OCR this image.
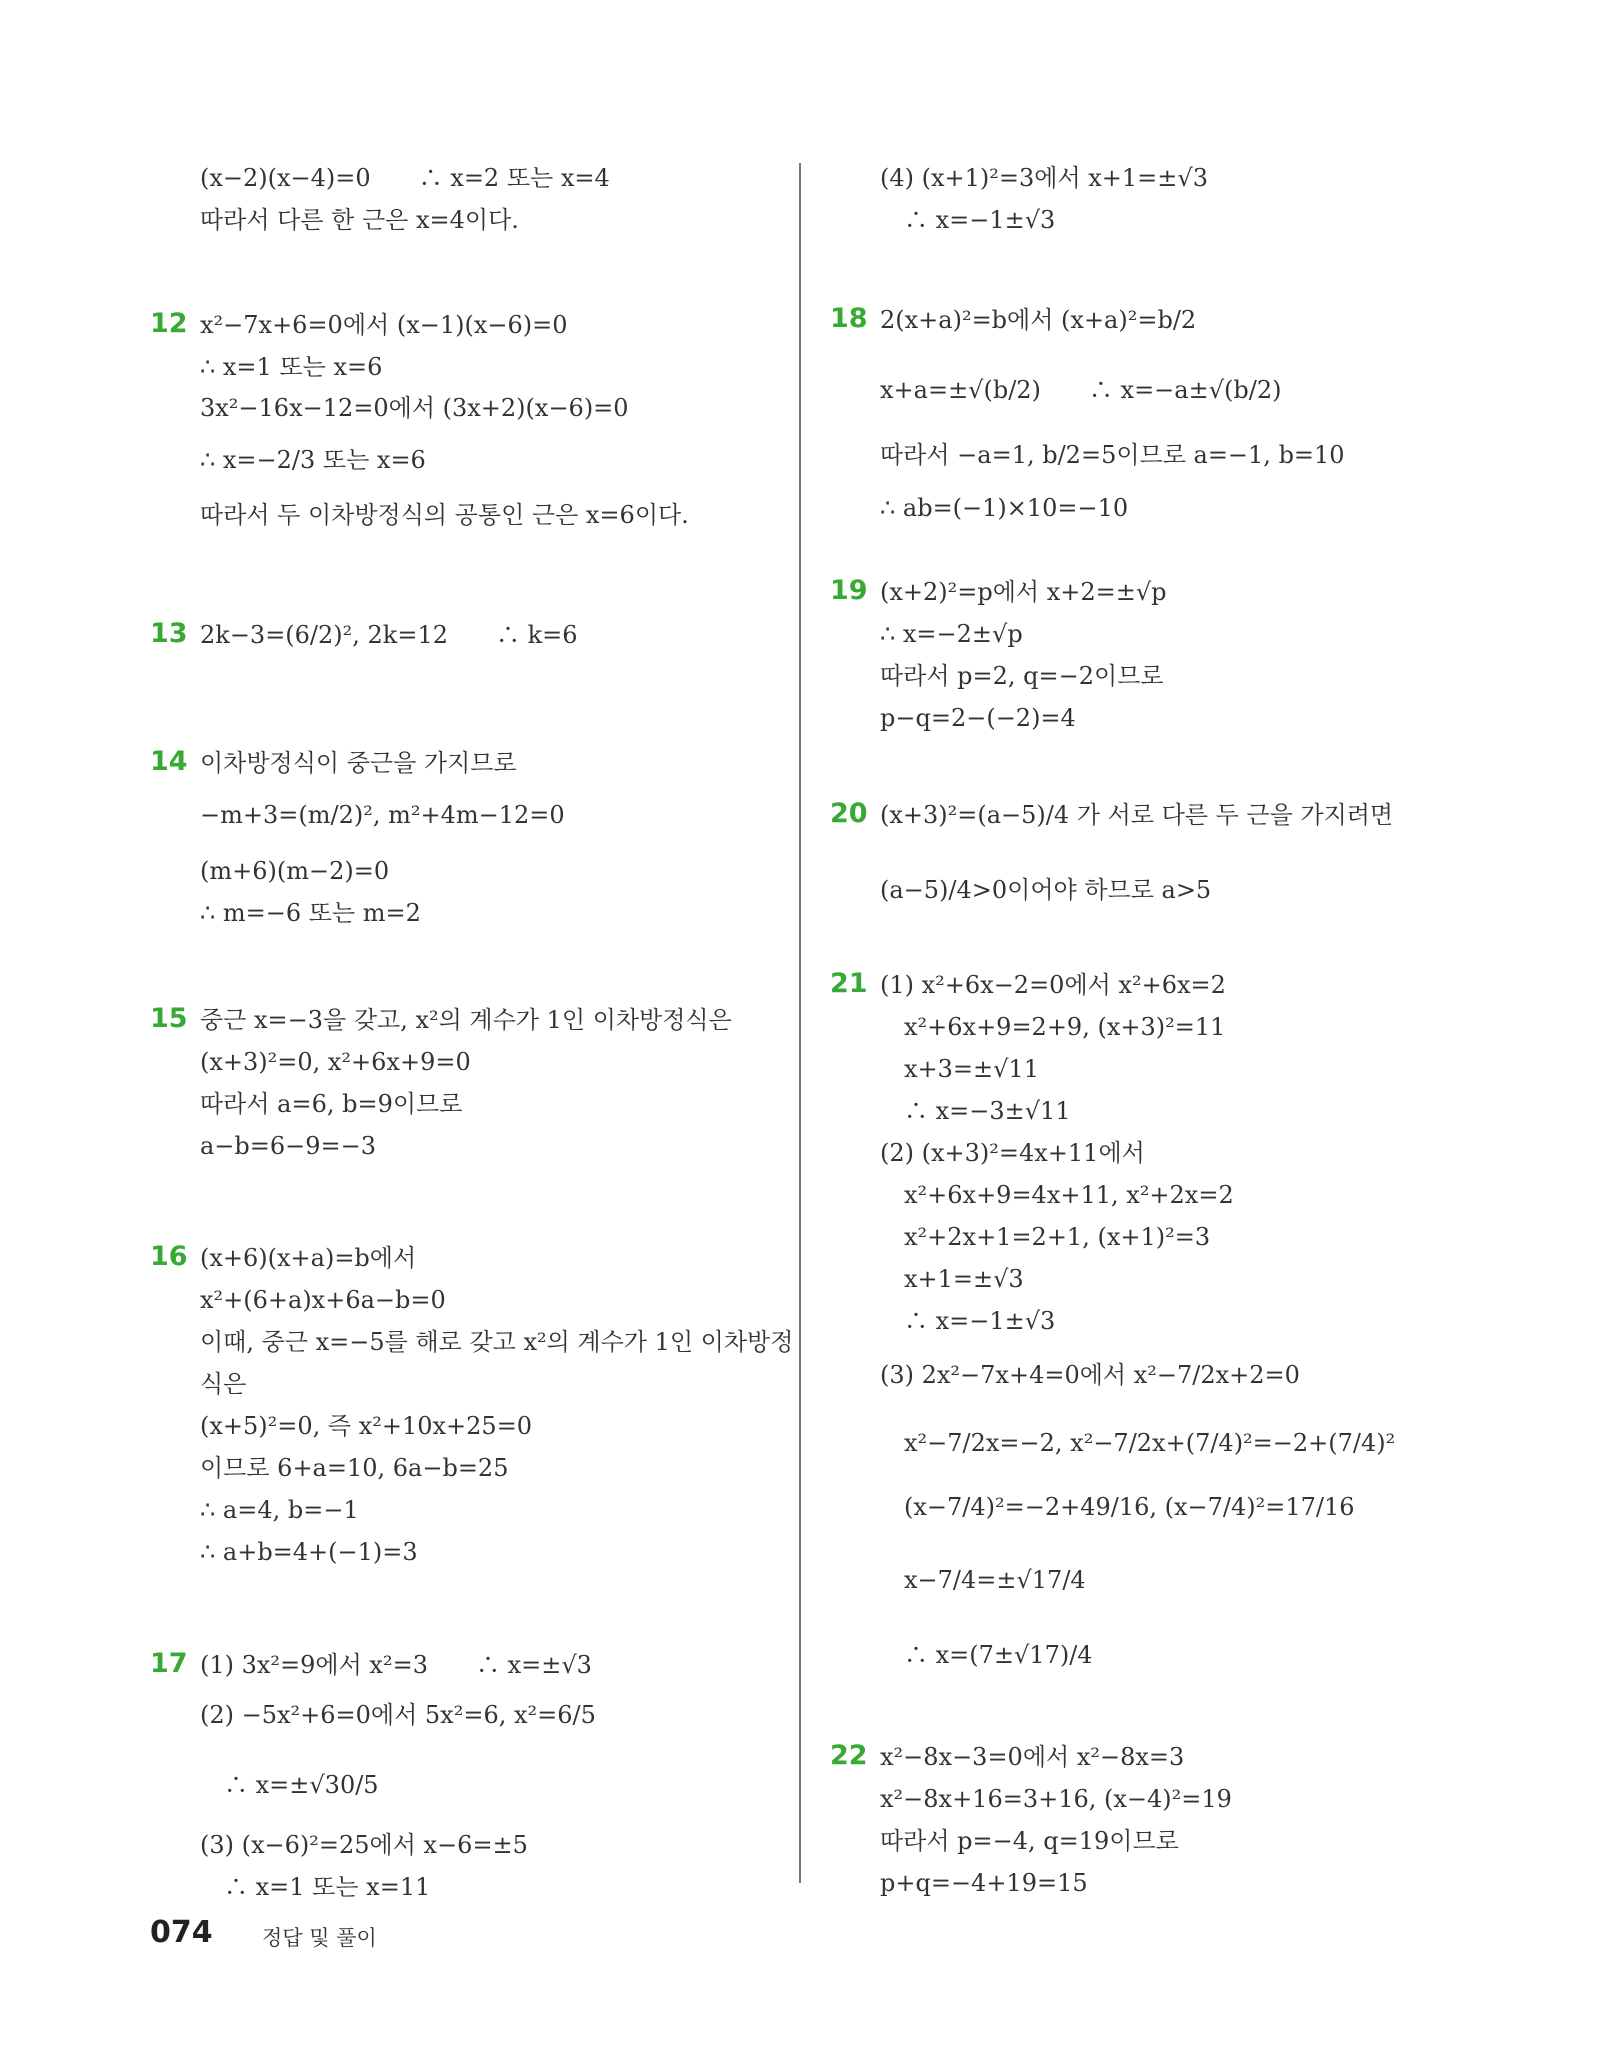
(x−2)(x−4)=0　　∴ x=2 또는 x=4
따라서 다른 한 근은 x=4이다.
12 x²−7x+6=0에서 (x−1)(x−6)=0
∴ x=1 또는 x=6
3x²−16x−12=0에서 (3x+2)(x−6)=0
∴ x=−2/3 또는 x=6
따라서 두 이차방정식의 공통인 근은 x=6이다.
13 2k−3=(6/2)², 2k=12　　∴ k=6
14 이차방정식이 중근을 가지므로
−m+3=(m/2)², m²+4m−12=0
(m+6)(m−2)=0
∴ m=−6 또는 m=2
15 중근 x=−3을 갖고, x²의 계수가 1인 이차방정식은
(x+3)²=0, x²+6x+9=0
따라서 a=6, b=9이므로
a−b=6−9=−3
16 (x+6)(x+a)=b에서
x²+(6+a)x+6a−b=0
이때, 중근 x=−5를 해로 갖고 x²의 계수가 1인 이차방정
식은
(x+5)²=0, 즉 x²+10x+25=0
이므로 6+a=10, 6a−b=25
∴ a=4, b=−1
∴ a+b=4+(−1)=3
17 (1) 3x²=9에서 x²=3　　∴ x=±√3
(2) −5x²+6=0에서 5x²=6, x²=6/5
　∴ x=±√30/5
(3) (x−6)²=25에서 x−6=±5
　∴ x=1 또는 x=11
(4) (x+1)²=3에서 x+1=±√3
　∴ x=−1±√3
18 2(x+a)²=b에서 (x+a)²=b/2
x+a=±√(b/2)　　∴ x=−a±√(b/2)
따라서 −a=1, b/2=5이므로 a=−1, b=10
∴ ab=(−1)×10=−10
19 (x+2)²=p에서 x+2=±√p
∴ x=−2±√p
따라서 p=2, q=−2이므로
p−q=2−(−2)=4
20 (x+3)²=(a−5)/4 가 서로 다른 두 근을 가지려면
(a−5)/4>0이어야 하므로 a>5
21 (1) x²+6x−2=0에서 x²+6x=2
　x²+6x+9=2+9, (x+3)²=11
　x+3=±√11
　∴ x=−3±√11
(2) (x+3)²=4x+11에서
　x²+6x+9=4x+11, x²+2x=2
　x²+2x+1=2+1, (x+1)²=3
　x+1=±√3
　∴ x=−1±√3
(3) 2x²−7x+4=0에서 x²−7/2x+2=0
　x²−7/2x=−2, x²−7/2x+(7/4)²=−2+(7/4)²
　(x−7/4)²=−2+49/16, (x−7/4)²=17/16
　x−7/4=±√17/4
　∴ x=(7±√17)/4
22 x²−8x−3=0에서 x²−8x=3
x²−8x+16=3+16, (x−4)²=19
따라서 p=−4, q=19이므로
p+q=−4+19=15
074 정답 및 풀이
